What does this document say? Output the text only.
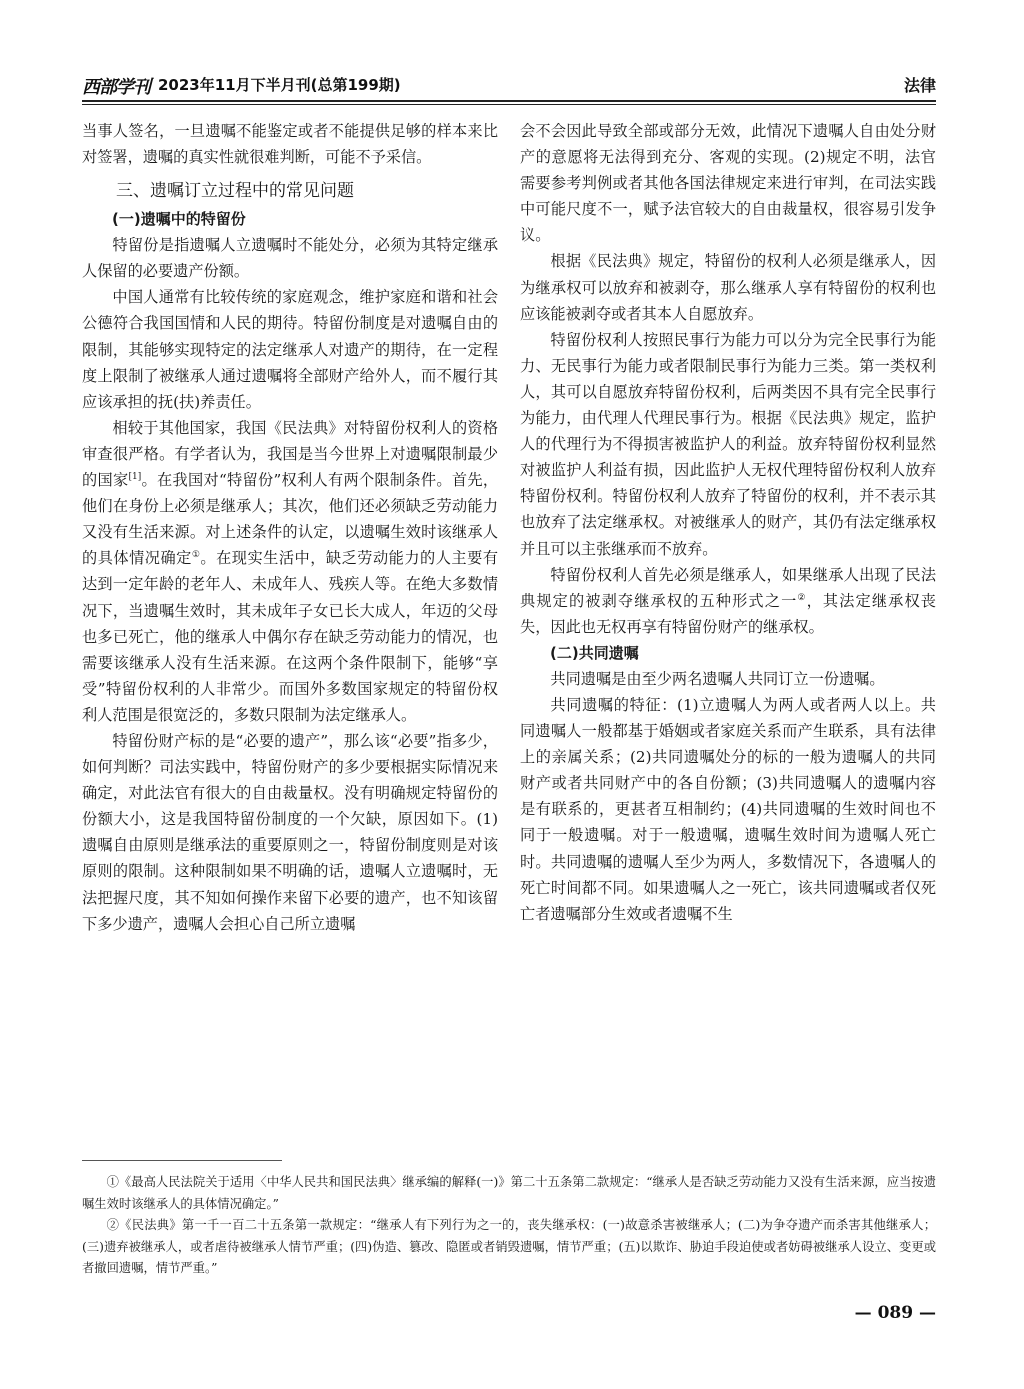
西部学刊 2023年11月下半月刊(总第199期)	法律

当事人签名，一旦遗嘱不能鉴定或者不能提供足够的样本来比对签署，遗嘱的真实性就很难判断，可能不予采信。

三、遗嘱订立过程中的常见问题
(一)遗嘱中的特留份

特留份是指遗嘱人立遗嘱时不能处分，必须为其特定继承人保留的必要遗产份额。

中国人通常有比较传统的家庭观念，维护家庭和谐和社会公德符合我国国情和人民的期待。特留份制度是对遗嘱自由的限制，其能够实现特定的法定继承人对遗产的期待，在一定程度上限制了被继承人通过遗嘱将全部财产给外人，而不履行其应该承担的抚(扶)养责任。

相较于其他国家，我国《民法典》对特留份权利人的资格审查很严格。有学者认为，我国是当今世界上对遗嘱限制最少的国家[1]。在我国对“特留份”权利人有两个限制条件。首先，他们在身份上必须是继承人；其次，他们还必须缺乏劳动能力又没有生活来源。对上述条件的认定，以遗嘱生效时该继承人的具体情况确定①。在现实生活中，缺乏劳动能力的人主要有达到一定年龄的老年人、未成年人、残疾人等。在绝大多数情况下，当遗嘱生效时，其未成年子女已长大成人，年迈的父母也多已死亡，他的继承人中偶尔存在缺乏劳动能力的情况，也需要该继承人没有生活来源。在这两个条件限制下，能够“享受”特留份权利的人非常少。而国外多数国家规定的特留份权利人范围是很宽泛的，多数只限制为法定继承人。

特留份财产标的是“必要的遗产”，那么该“必要”指多少，如何判断？司法实践中，特留份财产的多少要根据实际情况来确定，对此法官有很大的自由裁量权。没有明确规定特留份的份额大小，这是我国特留份制度的一个欠缺，原因如下。(1)遗嘱自由原则是继承法的重要原则之一，特留份制度则是对该原则的限制。这种限制如果不明确的话，遗嘱人立遗嘱时，无法把握尺度，其不知如何操作来留下必要的遗产，也不知该留下多少遗产，遗嘱人会担心自己所立遗嘱

会不会因此导致全部或部分无效，此情况下遗嘱人自由处分财产的意愿将无法得到充分、客观的实现。(2)规定不明，法官需要参考判例或者其他各国法律规定来进行审判，在司法实践中可能尺度不一，赋予法官较大的自由裁量权，很容易引发争议。

根据《民法典》规定，特留份的权利人必须是继承人，因为继承权可以放弃和被剥夺，那么继承人享有特留份的权利也应该能被剥夺或者其本人自愿放弃。

特留份权利人按照民事行为能力可以分为完全民事行为能力、无民事行为能力或者限制民事行为能力三类。第一类权利人，其可以自愿放弃特留份权利，后两类因不具有完全民事行为能力，由代理人代理民事行为。根据《民法典》规定，监护人的代理行为不得损害被监护人的利益。放弃特留份权利显然对被监护人利益有损，因此监护人无权代理特留份权利人放弃特留份权利。特留份权利人放弃了特留份的权利，并不表示其也放弃了法定继承权。对被继承人的财产，其仍有法定继承权并且可以主张继承而不放弃。

特留份权利人首先必须是继承人，如果继承人出现了民法典规定的被剥夺继承权的五种形式之一②，其法定继承权丧失，因此也无权再享有特留份财产的继承权。

(二)共同遗嘱

共同遗嘱是由至少两名遗嘱人共同订立一份遗嘱。

共同遗嘱的特征：(1)立遗嘱人为两人或者两人以上。共同遗嘱人一般都基于婚姻或者家庭关系而产生联系，具有法律上的亲属关系；(2)共同遗嘱处分的标的一般为遗嘱人的共同财产或者共同财产中的各自份额；(3)共同遗嘱人的遗嘱内容是有联系的，更甚者互相制约；(4)共同遗嘱的生效时间也不同于一般遗嘱。对于一般遗嘱，遗嘱生效时间为遗嘱人死亡时。共同遗嘱的遗嘱人至少为两人，多数情况下，各遗嘱人的死亡时间都不同。如果遗嘱人之一死亡，该共同遗嘱或者仅死亡者遗嘱部分生效或者遗嘱不生

①《最高人民法院关于适用〈中华人民共和国民法典〉继承编的解释(一)》第二十五条第二款规定：“继承人是否缺乏劳动能力又没有生活来源，应当按遗嘱生效时该继承人的具体情况确定。”

②《民法典》第一千一百二十五条第一款规定：“继承人有下列行为之一的，丧失继承权：(一)故意杀害被继承人；(二)为争夺遗产而杀害其他继承人；(三)遗弃被继承人，或者虐待被继承人情节严重；(四)伪造、篡改、隐匿或者销毁遗嘱，情节严重；(五)以欺诈、胁迫手段迫使或者妨碍被继承人设立、变更或者撤回遗嘱，情节严重。”

— 089 —
